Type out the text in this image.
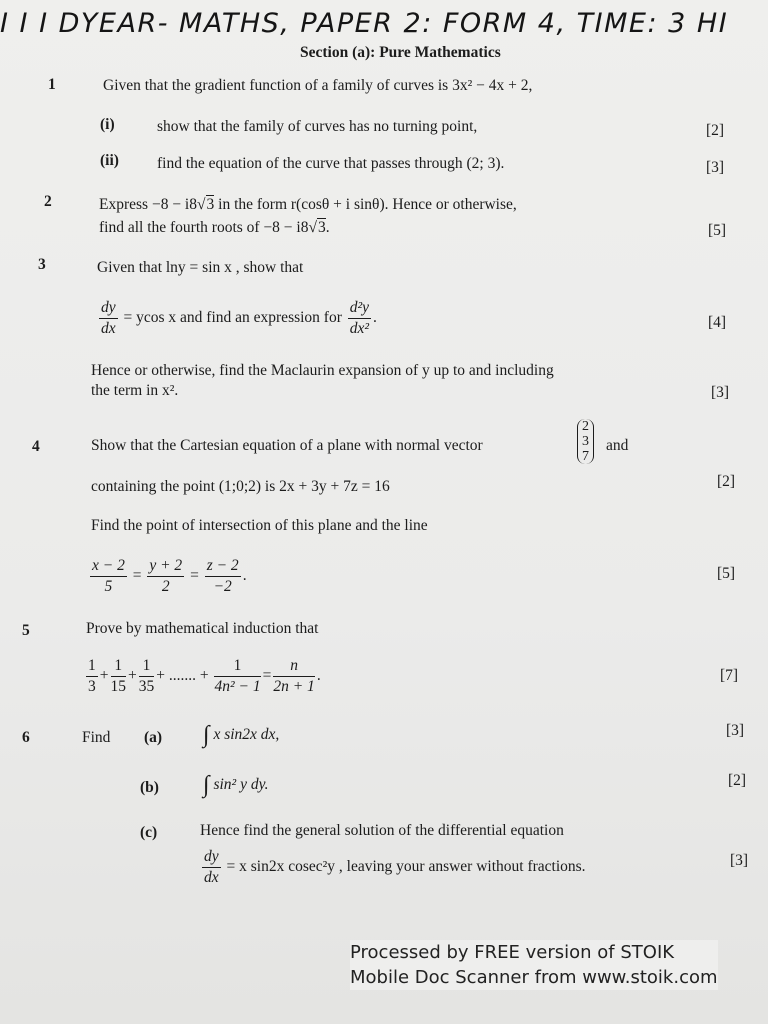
I I I DYEAR- MATHS, PAPER 2: FORM 4, TIME: 3 HI
Section (a): Pure Mathematics
1	Given that the gradient function of a family of curves is 3x² − 4x + 2,
(i)	show that the family of curves has no turning point,	[2]
(ii) find the equation of the curve that passes through (2; 3).	[3]
2	Express −8 − i8√3 in the form r(cosθ + i sinθ). Hence or otherwise,
find all the fourth roots of −8 − i8√3.	[5]
3	Given that lny = sin x , show that
$\frac{dy}{dx} = ycos$ x and find an expression for $\frac{\text{d²y}}{\text{dx²}}$ .	[4]
Hence or otherwise, find the Maclaurin expansion of y up to and including
the term in x².	[3]
4	Show that the Cartesian equation of a plane with normal vector
2
3
7
and
containing the point (1;0;2) is 2x + 3y + 7z = 16	[2]
Find the point of intersection of this plane and the line
$\frac{x - 2}{5} = \frac{y + 2}{2} = \frac{z - 2}{-2}$ .	[5]
5	Prove by mathematical induction that
$\frac{1}{3} + \frac{1}{15} + \frac{1}{35}$ + ....... + $\frac{1}{\text{4n² − 1}} = \frac{n}{2n + 1}$ .	[7]
6	Find (a) ∫ x sin2x dx,	[3]
(b) ∫ sin² y dy.	[2]
(c)	Hence find the general solution of the differential equation
$\frac{dy}{dx} = x$ sin2x cosec²y , leaving your answer without fractions.	[3]
Processed by FREE version of STOIK
Mobile Doc Scanner from www.stoik.com
